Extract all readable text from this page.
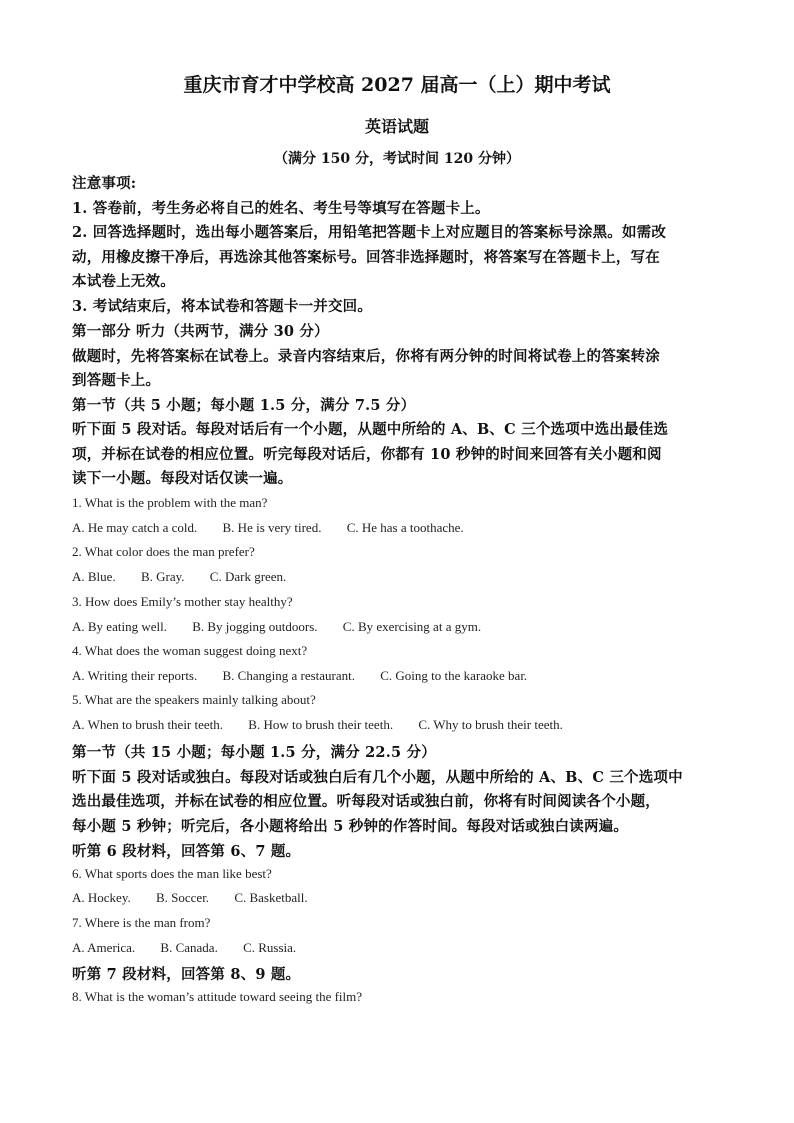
重庆市育才中学校高 2027 届高一（上）期中考试
英语试题
（满分 150 分，考试时间 120 分钟）
注意事项:
1. 答卷前，考生务必将自己的姓名、考生号等填写在答题卡上。
2. 回答选择题时，选出每小题答案后，用铅笔把答题卡上对应题目的答案标号涂黑。如需改
动，用橡皮擦干净后，再选涂其他答案标号。回答非选择题时，将答案写在答题卡上，写在
本试卷上无效。
3. 考试结束后，将本试卷和答题卡一并交回。
第一部分 听力（共两节，满分 30 分）
做题时，先将答案标在试卷上。录音内容结束后，你将有两分钟的时间将试卷上的答案转涂
到答题卡上。
第一节（共 5 小题；每小题 1.5 分，满分 7.5 分）
听下面 5 段对话。每段对话后有一个小题，从题中所给的 A、B、C 三个选项中选出最佳选
项，并标在试卷的相应位置。听完每段对话后，你都有 10 秒钟的时间来回答有关小题和阅
读下一小题。每段对话仅读一遍。
1. What is the problem with the man?
A. He may catch a cold. B. He is very tired. C. He has a toothache.
2. What color does the man prefer?
A. Blue. B. Gray. C. Dark green.
3. How does Emily’s mother stay healthy?
A. By eating well. B. By jogging outdoors. C. By exercising at a gym.
4. What does the woman suggest doing next?
A. Writing their reports. B. Changing a restaurant. C. Going to the karaoke bar.
5. What are the speakers mainly talking about?
A. When to brush their teeth. B. How to brush their teeth. C. Why to brush their teeth.
第一节（共 15 小题；每小题 1.5 分，满分 22.5 分）
听下面 5 段对话或独白。每段对话或独白后有几个小题，从题中所给的 A、B、C 三个选项中
选出最佳选项，并标在试卷的相应位置。听每段对话或独白前，你将有时间阅读各个小题，
每小题 5 秒钟；听完后，各小题将给出 5 秒钟的作答时间。每段对话或独白读两遍。
听第 6 段材料，回答第 6、7 题。
6. What sports does the man like best?
A. Hockey. B. Soccer. C. Basketball.
7. Where is the man from?
A. America. B. Canada. C. Russia.
听第 7 段材料，回答第 8、9 题。
8. What is the woman’s attitude toward seeing the film?
